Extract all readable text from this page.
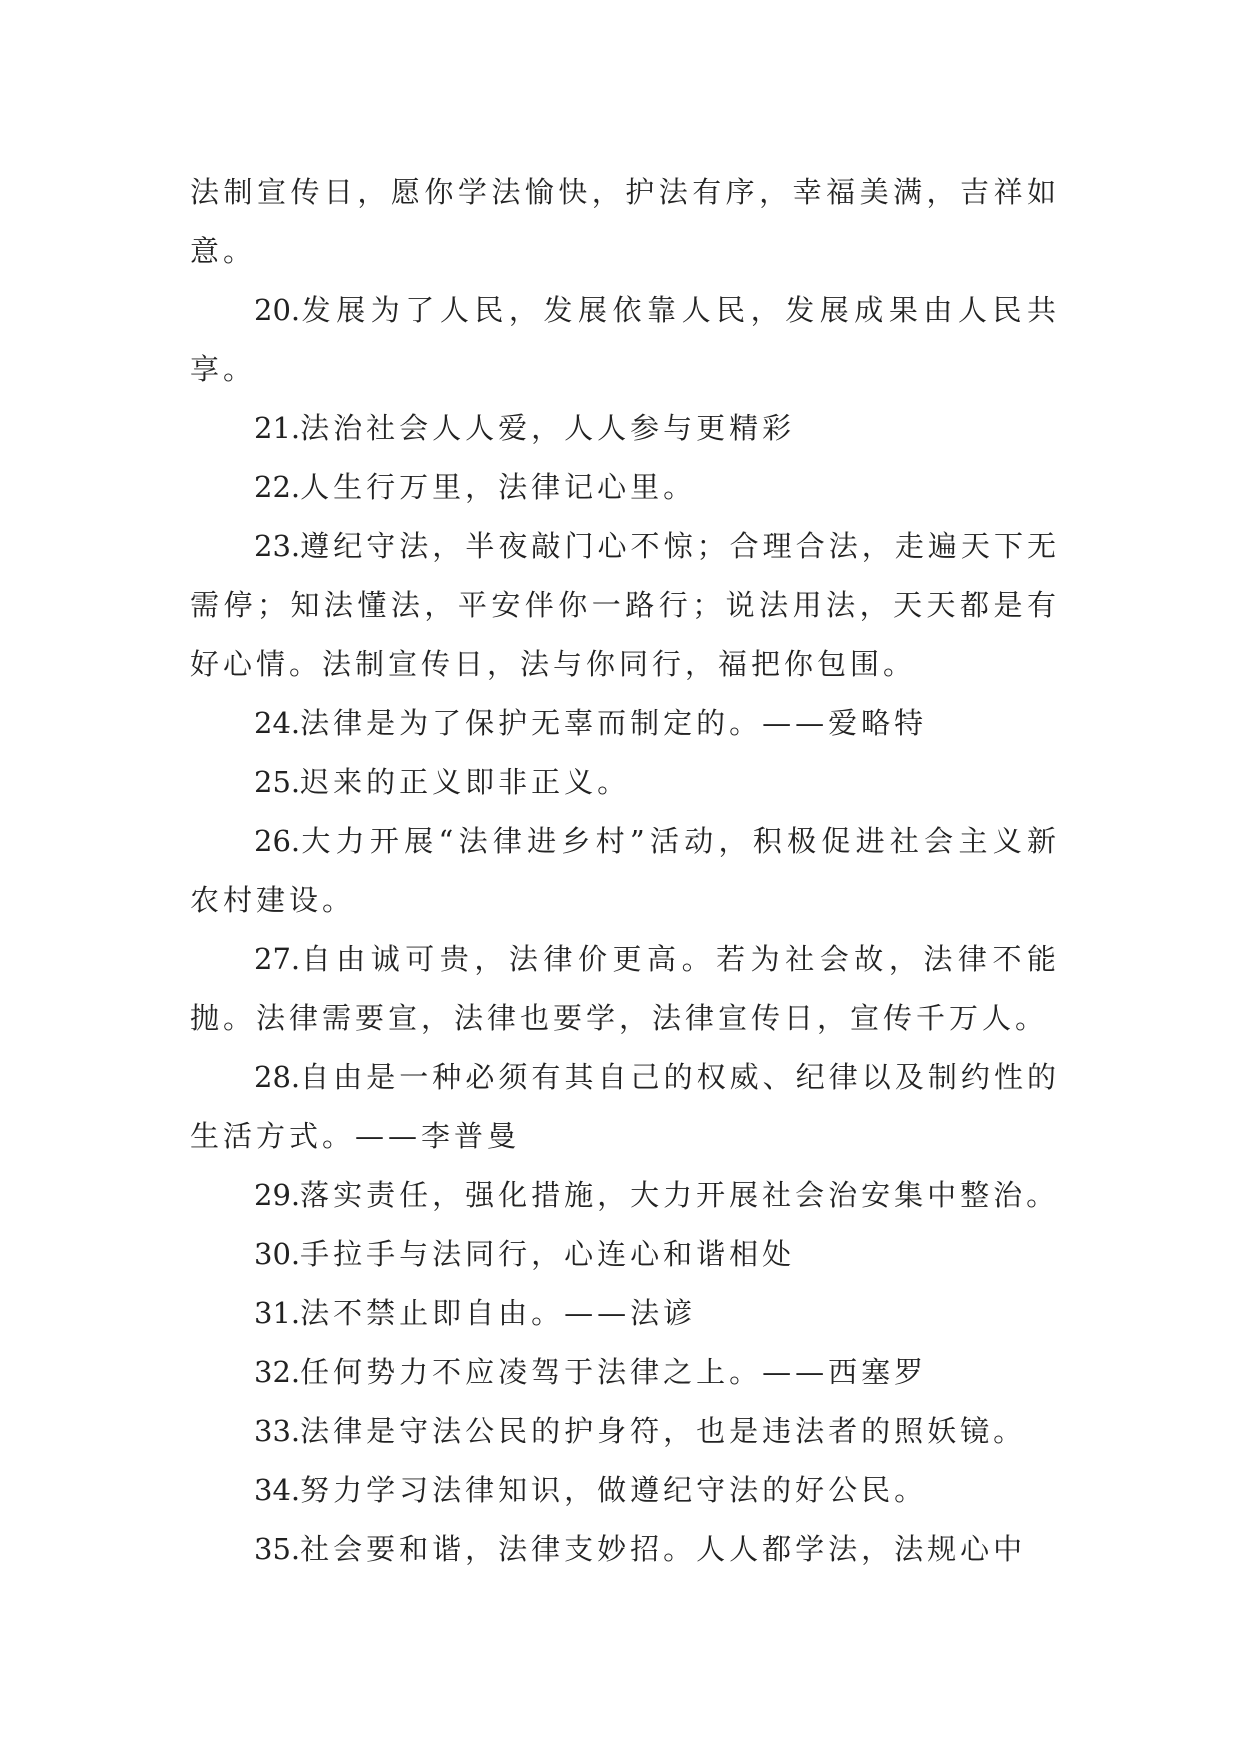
法制宣传日，愿你学法愉快，护法有序，幸福美满，吉祥如意。

20.发展为了人民，发展依靠人民，发展成果由人民共享。

21.法治社会人人爱，人人参与更精彩

22.人生行万里，法律记心里。

23.遵纪守法，半夜敲门心不惊；合理合法，走遍天下无需停；知法懂法，平安伴你一路行；说法用法，天天都是有好心情。法制宣传日，法与你同行，福把你包围。

24.法律是为了保护无辜而制定的。——爱略特

25.迟来的正义即非正义。

26.大力开展“法律进乡村”活动，积极促进社会主义新农村建设。

27.自由诚可贵，法律价更高。若为社会故，法律不能抛。法律需要宣，法律也要学，法律宣传日，宣传千万人。

28.自由是一种必须有其自己的权威、纪律以及制约性的生活方式。——李普曼

29.落实责任，强化措施，大力开展社会治安集中整治。

30.手拉手与法同行，心连心和谐相处

31.法不禁止即自由。——法谚

32.任何势力不应凌驾于法律之上。——西塞罗

33.法律是守法公民的护身符，也是违法者的照妖镜。

34.努力学习法律知识，做遵纪守法的好公民。

35.社会要和谐，法律支妙招。人人都学法，法规心中
